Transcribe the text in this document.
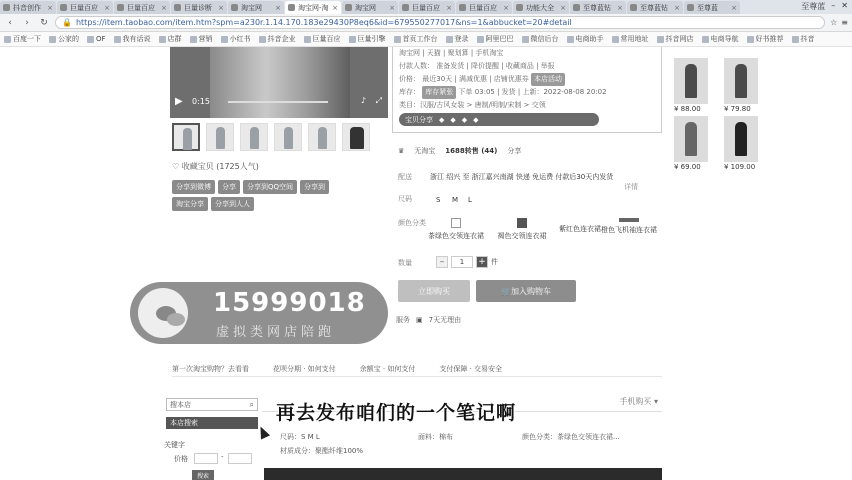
抖音创作 × 巨量百应 × 巨量百应 × 巨量诊断 × 淘宝网 × 淘宝网-淘 × 淘宝网 × 巨量百应 × 巨量百应 × 功能大全 × 至尊蓝钻 × 至尊蓝钻 × 至尊蓝 ×	至尊蓝 – ✕
‹	›	↻ 🔒 https://item.taobao.com/item.htm?spm=a230r.1.14.170.183e29430P8eq6&id=679550277017&ns=1&abbucket=20#detail	☆ ≡
百度一下 公家的 OF 我有话说 店群 营销 小红书 抖音企业 巨量百应 巨量引擎 首页工作台 登录 阿里巴巴 微信后台 电商助手 常用地址 抖音网店 电商导航 好书推荐 抖音
▶ 0:15	♪ ⤢
♡ 收藏宝贝 (1725人气)
分享到微博	分享	分享到QQ空间	分享到
淘宝分享	分享到人人
淘宝网 | 天猫 | 聚划算 | 手机淘宝
付款人数： 准备发货 | 降价提醒 | 收藏商品 | 举报
价格： 最近30天 | 满减优惠 | 店铺优惠券 本店活动
库存： 库存紧张 下单 03:05 | 发货 | 上新：2022-08-08 20:02
类目：汉服/古风女装 > 唐制/明制/宋制 > 交领
宝贝分享 ◆ ◆ ◆ ◆
¥ 88.00	¥ 79.80
¥ 69.00	¥ 109.00
♛ 无淘宝 1688转售 (44) 分享
配送	浙江 绍兴 至 浙江嘉兴南湖 快递 免运费 付款后30天内发货
详情
尺码	S M L
颜色分类
茶绿色交领连衣裙	褐色交领连衣裙
紫红色连衣裙 橙色飞机袖连衣裙
数量	–	1	+ 件
立即购买	🛒 加入购物车
服务 ▣ 7天无理由
15999018
虚拟类网店陪跑
第一次淘宝购物？去看看	花呗分期 · 如何支付	余额宝 · 如何支付	支付保障 · 交易安全
搜本店	⌕
本店搜索
关键字
价格	-
搜索
手机购买 ▾
尺码：S M L	面料：棉布	颜色分类：茶绿色交领连衣裙...
材质成分：聚酯纤维100%
再去发布咱们的一个笔记啊
